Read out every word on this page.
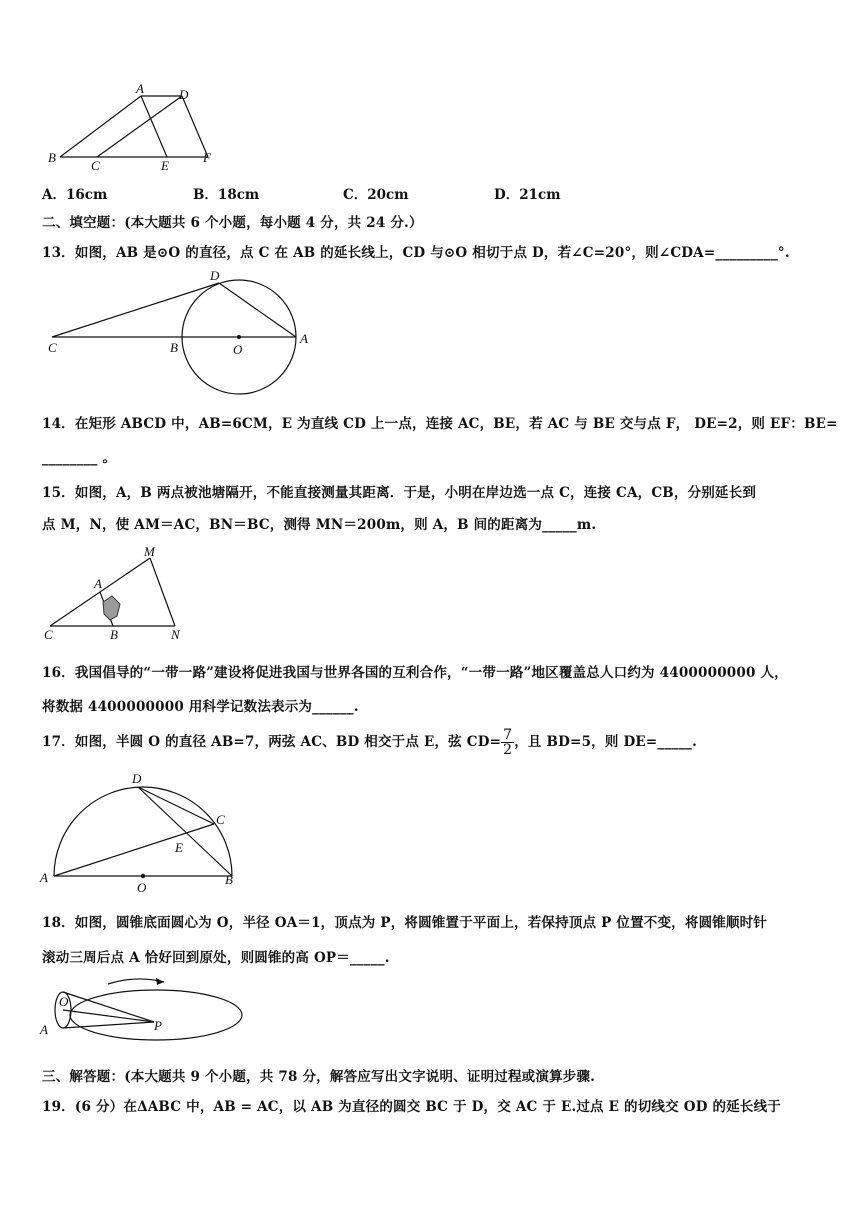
A	D
B
C	E
F
A．16cm	B．18cm	C．20cm	D．21cm
二、填空题：(本大题共 6 个小题，每小题 4 分，共 24 分.）
13．如图，AB 是⊙O 的直径，点 C 在 AB 的延长线上，CD 与⊙O 相切于点 D，若∠C=20°，则∠CDA=_________°.
D
C	B	O
A
14．在矩形 ABCD 中，AB=6CM，E 为直线 CD 上一点，连接 AC，BE，若 AC 与 BE 交与点 F， DE=2，则 EF：BE=
________ 。
15．如图，A，B 两点被池塘隔开，不能直接测量其距离．于是，小明在岸边选一点 C，连接 CA，CB，分别延长到
点 M，N，使 AM＝AC，BN＝BC，测得 MN＝200m，则 A，B 间的距离为_____m.
M
A
C	B	N
16．我国倡导的“一带一路”建设将促进我国与世界各国的互利合作，“一带一路”地区覆盖总人口约为 4400000000 人，
将数据 4400000000 用科学记数法表示为______.
17．如图，半圆 O 的直径 AB=7，两弦 AC、BD 相交于点 E，弦 $CD= \frac{7}{2}$ ，且 BD=5，则 DE=_____.
D
C
E
A
O
B
18．如图，圆锥底面圆心为 O，半径 OA＝1，顶点为 P，将圆锥置于平面上，若保持顶点 P 位置不变，将圆锥顺时针
滚动三周后点 A 恰好回到原处，则圆锥的高 OP＝_____.
O
A	P
三、解答题：(本大题共 9 个小题，共 78 分，解答应写出文字说明、证明过程或演算步骤.
19．(6 分）在ΔABC 中，AB = AC，以 AB 为直径的圆交 BC 于 D，交 AC 于 E.过点 E 的切线交 OD 的延长线于
